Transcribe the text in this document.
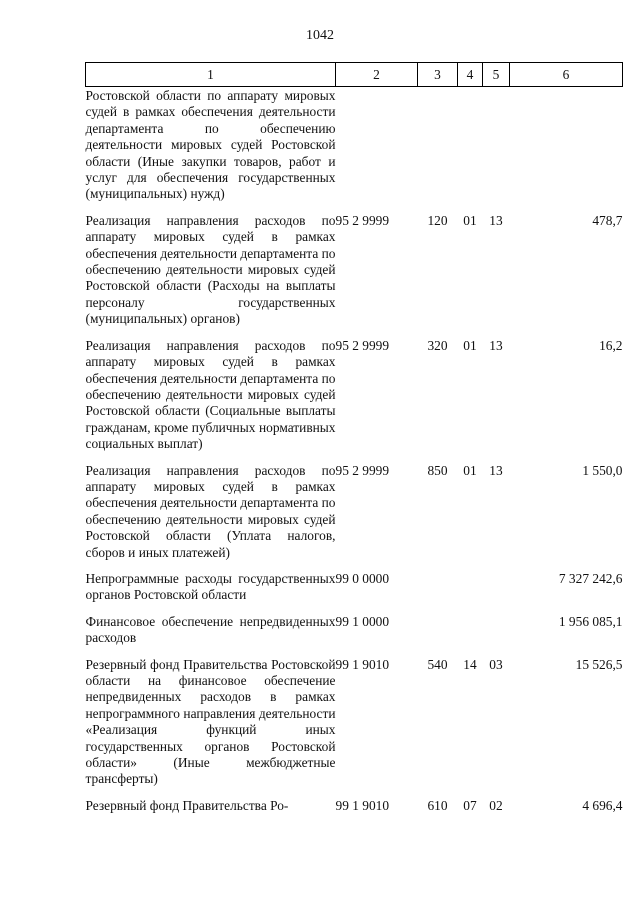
1042
1	2	3	4	5	6
Ростовской области по аппарату мировых судей в рамках обеспечения деятельности департамента по обеспечению деятельности мировых судей Ростовской области (Иные закупки товаров, работ и услуг для обеспечения государственных (муниципальных) нужд)					
Реализация направления расходов по аппарату мировых судей в рамках обеспечения деятельности департамента по обеспечению деятельности мировых судей Ростовской области (Расходы на выплаты персоналу государственных (муниципальных) органов)	95 2 9999	120	01	13	478,7
Реализация направления расходов по аппарату мировых судей в рамках обеспечения деятельности департамента по обеспечению деятельности мировых судей Ростовской области (Социальные выплаты гражданам, кроме публичных нормативных социальных выплат)	95 2 9999	320	01	13	16,2
Реализация направления расходов по аппарату мировых судей в рамках обеспечения деятельности департамента по обеспечению деятельности мировых судей Ростовской области (Уплата налогов, сборов и иных платежей)	95 2 9999	850	01	13	1 550,0
Непрограммные расходы государственных органов Ростовской области	99 0 0000				7 327 242,6
Финансовое обеспечение непредвиденных расходов	99 1 0000				1 956 085,1
Резервный фонд Правительства Ростовской области на финансовое обеспечение непредвиденных расходов в рамках непрограммного направления деятельности «Реализация функций иных государственных органов Ростовской области» (Иные межбюджетные трансферты)	99 1 9010	540	14	03	15 526,5
Резервный фонд Правительства Ро-	99 1 9010	610	07	02	4 696,4
